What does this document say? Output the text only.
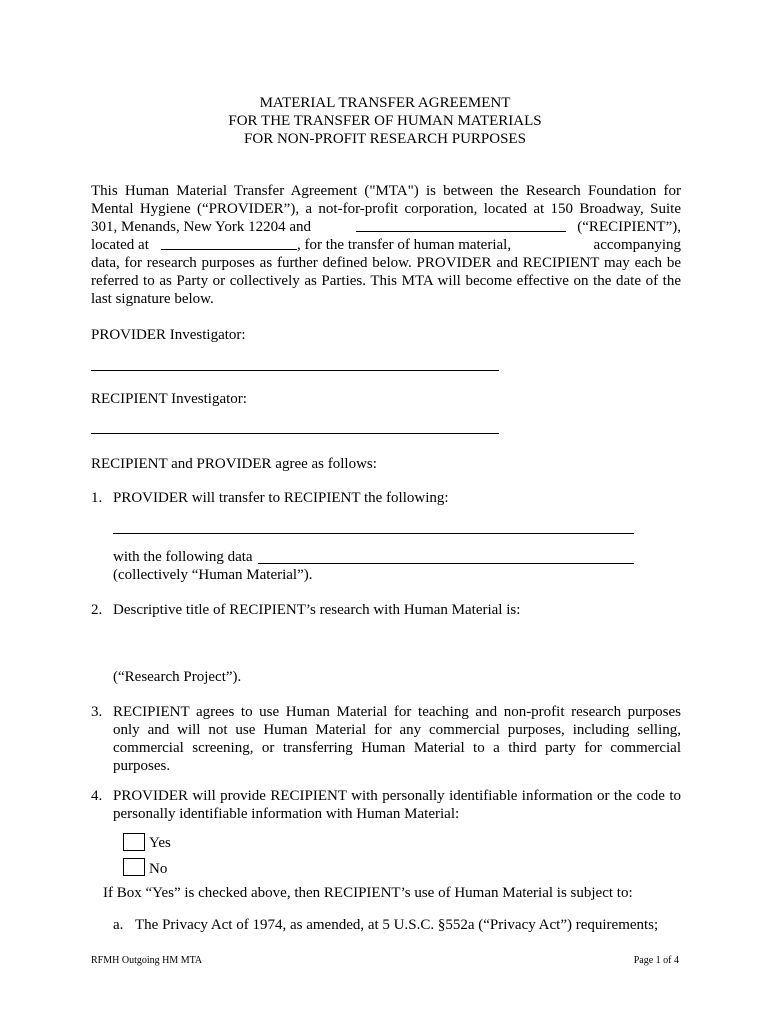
MATERIAL TRANSFER AGREEMENT
FOR THE TRANSFER OF HUMAN MATERIALS
FOR NON-PROFIT RESEARCH PURPOSES
This Human Material Transfer Agreement ("MTA") is between the Research Foundation for
Mental Hygiene (“PROVIDER”), a not-for-profit corporation, located at 150 Broadway, Suite
301, Menands, New York 12204 and	(“RECIPIENT”),
located at	, for the transfer of human material,	accompanying
data, for research purposes as further defined below. PROVIDER and RECIPIENT may each be
referred to as Party or collectively as Parties. This MTA will become effective on the date of the
last signature below.
PROVIDER Investigator:
RECIPIENT Investigator:
RECIPIENT and PROVIDER agree as follows:
1. PROVIDER will transfer to RECIPIENT the following:
with the following data
(collectively “Human Material”).
2. Descriptive title of RECIPIENT’s research with Human Material is:
(“Research Project”).
3. RECIPIENT agrees to use Human Material for teaching and non-profit research purposes
only and will not use Human Material for any commercial purposes, including selling,
commercial screening, or transferring Human Material to a third party for commercial
purposes.
4. PROVIDER will provide RECIPIENT with personally identifiable information or the code to
personally identifiable information with Human Material:
Yes
No
If Box “Yes” is checked above, then RECIPIENT’s use of Human Material is subject to:
a. The Privacy Act of 1974, as amended, at 5 U.S.C. §552a (“Privacy Act”) requirements;
RFMH Outgoing HM MTA	Page 1 of 4
